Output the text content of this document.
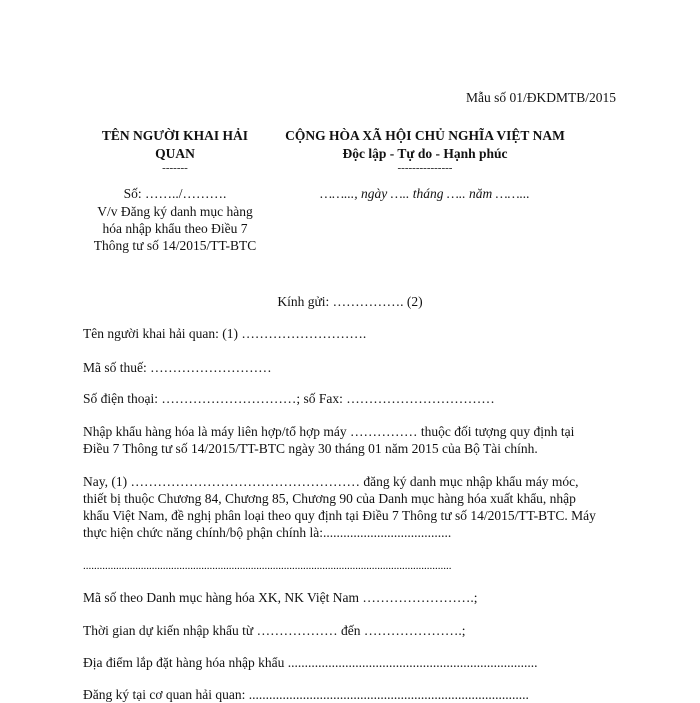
Mẫu số 01/ĐKDMTB/2015
TÊN NGƯỜI KHAI HẢI
QUAN
-------
Số: ……../……….
V/v Đăng ký danh mục hàng
hóa nhập khẩu theo Điều 7
Thông tư số 14/2015/TT-BTC
CỘNG HÒA XÃ HỘI CHỦ NGHĨA VIỆT NAM
Độc lập - Tự do - Hạnh phúc
---------------
……..., ngày ….. tháng ….. năm ……...
Kính gửi: ……………. (2)
Tên người khai hải quan: (1) ……………………….
Mã số thuế: ………………………
Số điện thoại: …………………………; số Fax: ……………………………
Nhập khẩu hàng hóa là máy liên hợp/tổ hợp máy …………… thuộc đối tượng quy định tại Điều 7 Thông tư số 14/2015/TT-BTC ngày 30 tháng 01 năm 2015 của Bộ Tài chính.
Nay, (1) …………………………………………… đăng ký danh mục nhập khẩu máy móc, thiết bị thuộc Chương 84, Chương 85, Chương 90 của Danh mục hàng hóa xuất khẩu, nhập khẩu Việt Nam, đề nghị phân loại theo quy định tại Điều 7 Thông tư số 14/2015/TT-BTC. Máy thực hiện chức năng chính/bộ phận chính là:......................................
......................................................................................................................................
Mã số theo Danh mục hàng hóa XK, NK Việt Nam …………………….;
Thời gian dự kiến nhập khẩu từ ……………… đến ………………….;
Địa điểm lắp đặt hàng hóa nhập khẩu ..........................................................................
Đăng ký tại cơ quan hải quan: ...................................................................................
